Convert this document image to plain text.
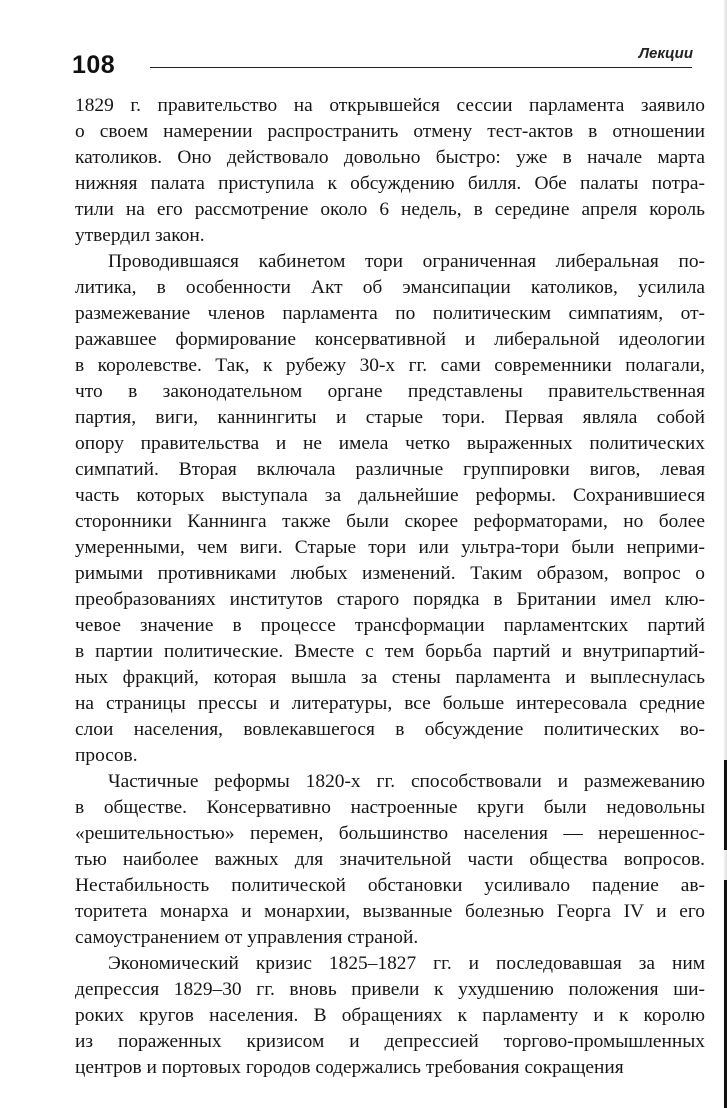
108	Лекции
1829 г. правительство на открывшейся сессии парламента заявило
о своем намерении распространить отмену тест-актов в отношении
католиков. Оно действовало довольно быстро: уже в начале марта
нижняя палата приступила к обсуждению билля. Обе палаты потра-
тили на его рассмотрение около 6 недель, в середине апреля король
утвердил закон.
Проводившаяся кабинетом тори ограниченная либеральная по-
литика, в особенности Акт об эмансипации католиков, усилила
размежевание членов парламента по политическим симпатиям, от-
ражавшее формирование консервативной и либеральной идеологии
в королевстве. Так, к рубежу 30-х гг. сами современники полагали,
что в законодательном органе представлены правительственная
партия, виги, каннингиты и старые тори. Первая являла собой
опору правительства и не имела четко выраженных политических
симпатий. Вторая включала различные группировки вигов, левая
часть которых выступала за дальнейшие реформы. Сохранившиеся
сторонники Каннинга также были скорее реформаторами, но более
умеренными, чем виги. Старые тори или ультра-тори были неприми-
римыми противниками любых изменений. Таким образом, вопрос о
преобразованиях институтов старого порядка в Британии имел клю-
чевое значение в процессе трансформации парламентских партий
в партии политические. Вместе с тем борьба партий и внутрипартий-
ных фракций, которая вышла за стены парламента и выплеснулась
на страницы прессы и литературы, все больше интересовала средние
слои населения, вовлекавшегося в обсуждение политических во-
просов.
Частичные реформы 1820-х гг. способствовали и размежеванию
в обществе. Консервативно настроенные круги были недовольны
«решительностью» перемен, большинство населения — нерешеннос-
тью наиболее важных для значительной части общества вопросов.
Нестабильность политической обстановки усиливало падение ав-
торитета монарха и монархии, вызванные болезнью Георга IV и его
самоустранением от управления страной.
Экономический кризис 1825–1827 гг. и последовавшая за ним
депрессия 1829–30 гг. вновь привели к ухудшению положения ши-
роких кругов населения. В обращениях к парламенту и к королю
из пораженных кризисом и депрессией торгово-промышленных
центров и портовых городов содержались требования сокращения
